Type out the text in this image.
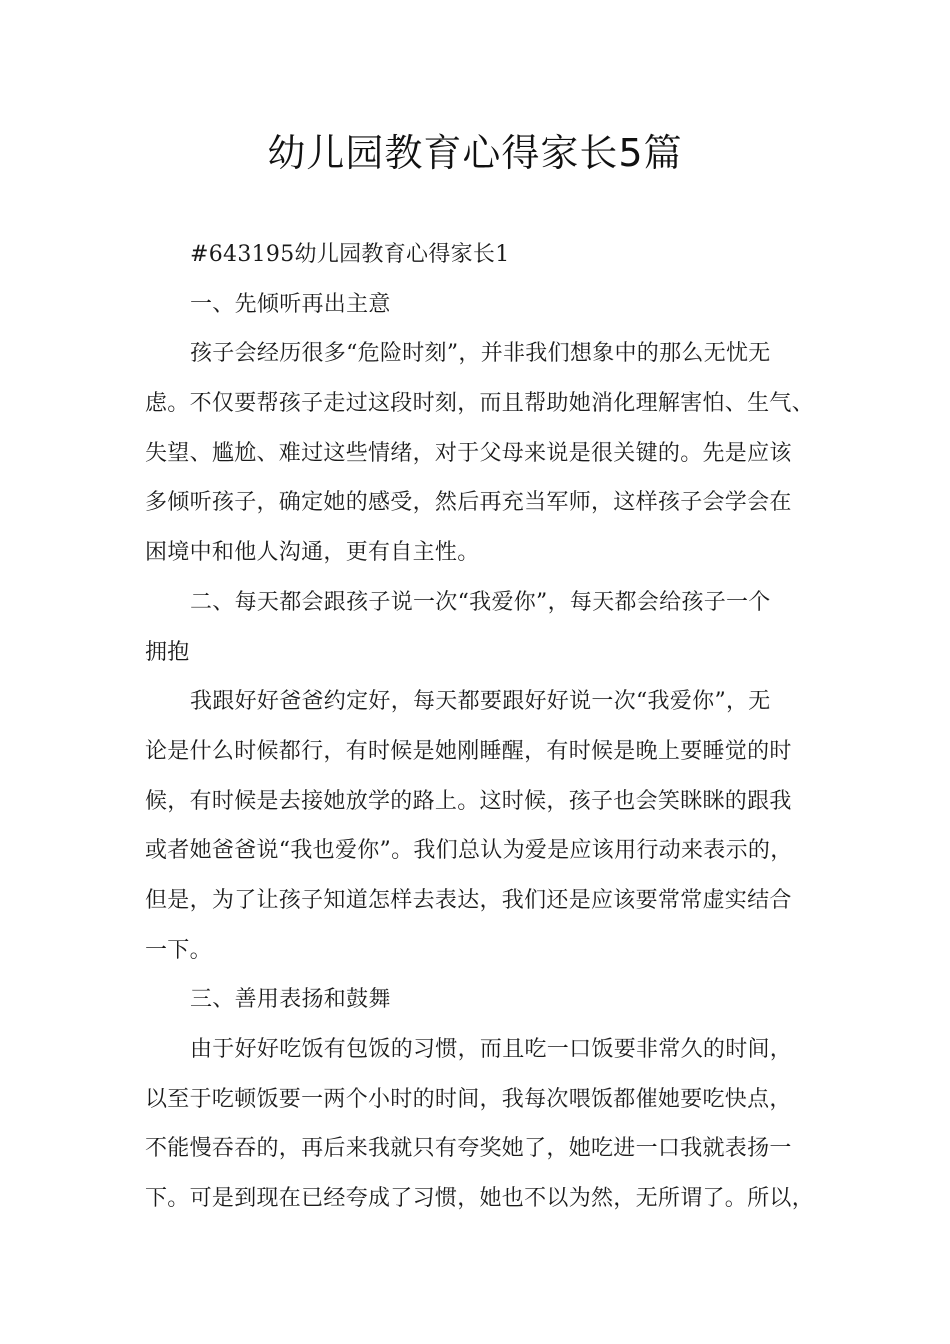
幼儿园教育心得家长5篇
#643195幼儿园教育心得家长1
一、先倾听再出主意
孩子会经历很多“危险时刻”，并非我们想象中的那么无忧无
虑。不仅要帮孩子走过这段时刻，而且帮助她消化理解害怕、生气、
失望、尴尬、难过这些情绪，对于父母来说是很关键的。先是应该
多倾听孩子，确定她的感受，然后再充当军师，这样孩子会学会在
困境中和他人沟通，更有自主性。
二、每天都会跟孩子说一次“我爱你”，每天都会给孩子一个
拥抱
我跟好好爸爸约定好，每天都要跟好好说一次“我爱你”，无
论是什么时候都行，有时候是她刚睡醒，有时候是晚上要睡觉的时
候，有时候是去接她放学的路上。这时候，孩子也会笑眯眯的跟我
或者她爸爸说“我也爱你”。我们总认为爱是应该用行动来表示的，
但是，为了让孩子知道怎样去表达，我们还是应该要常常虚实结合
一下。
三、善用表扬和鼓舞
由于好好吃饭有包饭的习惯，而且吃一口饭要非常久的时间，
以至于吃顿饭要一两个小时的时间，我每次喂饭都催她要吃快点，
不能慢吞吞的，再后来我就只有夸奖她了，她吃进一口我就表扬一
下。可是到现在已经夸成了习惯，她也不以为然，无所谓了。所以，
